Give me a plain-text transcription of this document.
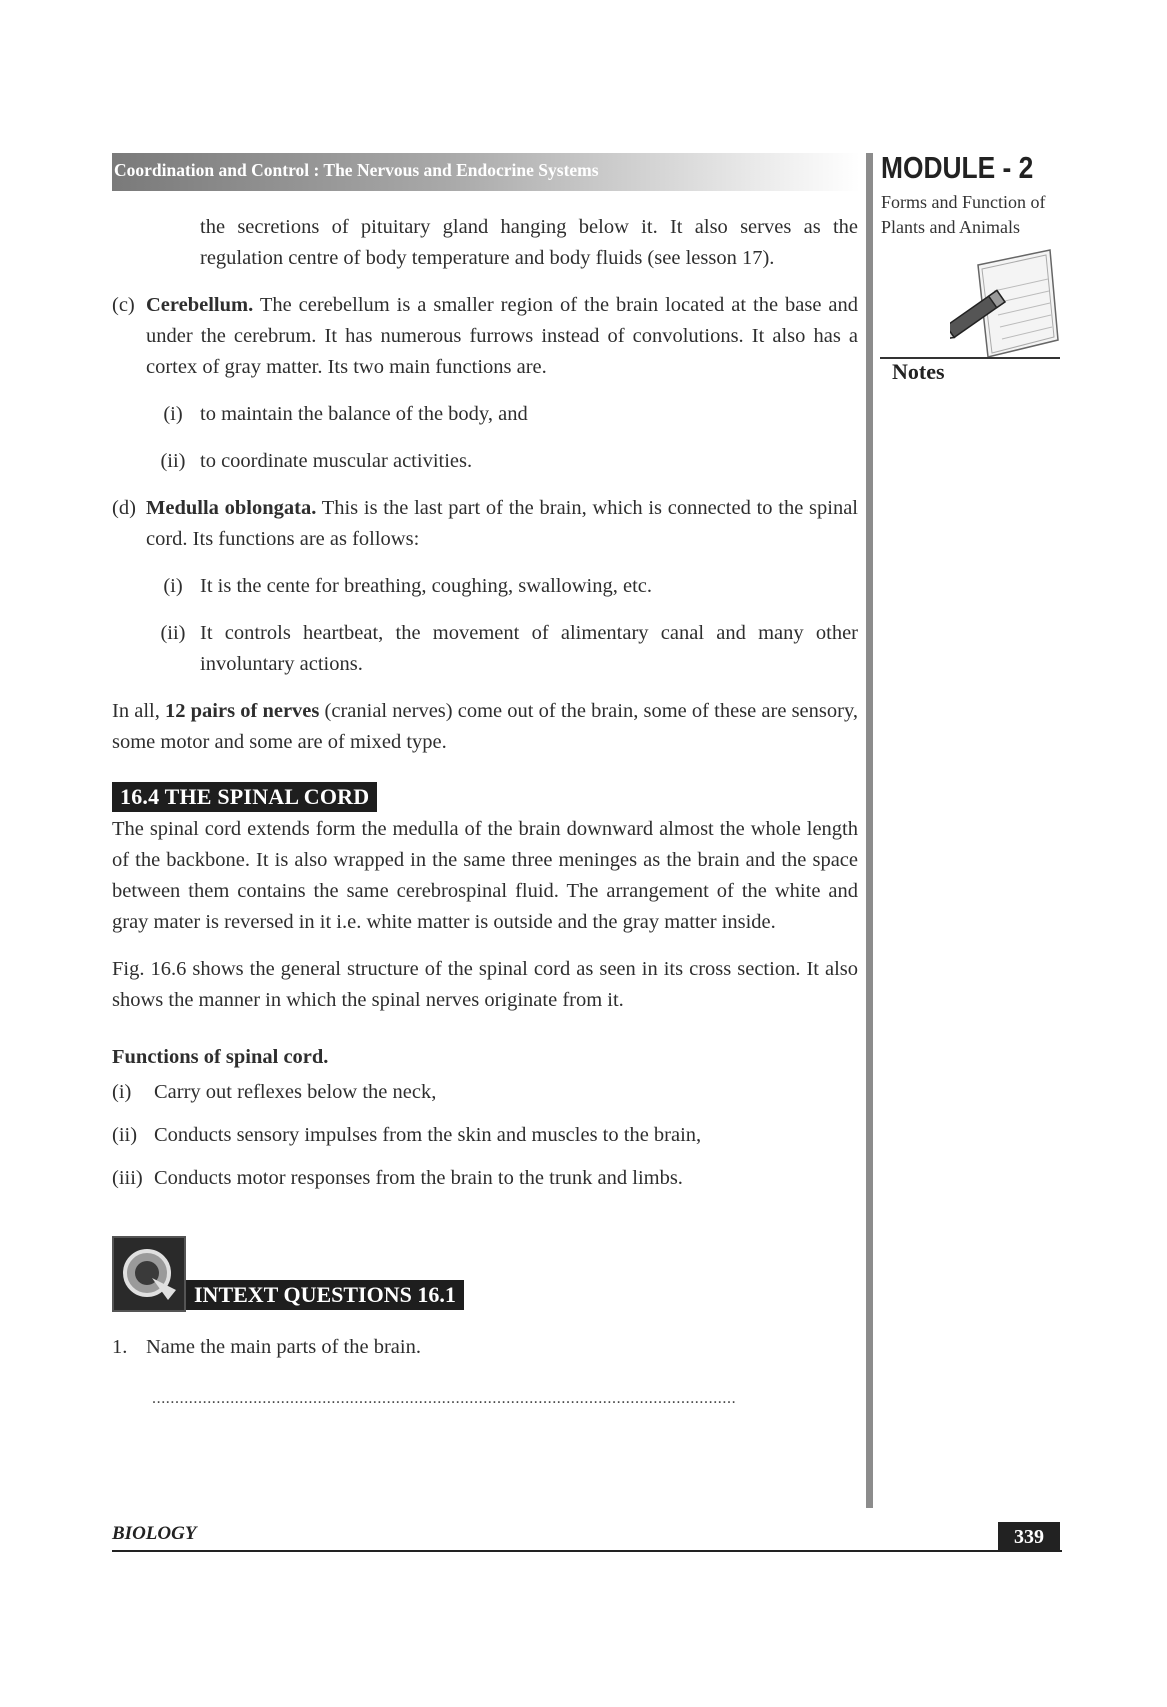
Coordination and Control : The Nervous and Endocrine Systems	MODULE - 2
Forms and Function of Plants and Animals
Notes

the secretions of pituitary gland hanging below it. It also serves as the regulation centre of body temperature and body fluids (see lesson 17).

(c) Cerebellum. The cerebellum is a smaller region of the brain located at the base and under the cerebrum. It has numerous furrows instead of convolutions. It also has a cortex of gray matter. Its two main functions are.
(i) to maintain the balance of the body, and
(ii) to coordinate muscular activities.
(d) Medulla oblongata. This is the last part of the brain, which is connected to the spinal cord. Its functions are as follows:
(i) It is the cente for breathing, coughing, swallowing, etc.
(ii) It controls heartbeat, the movement of alimentary canal and many other involuntary actions.

In all, 12 pairs of nerves (cranial nerves) come out of the brain, some of these are sensory, some motor and some are of mixed type.

16.4 THE SPINAL CORD

The spinal cord extends form the medulla of the brain downward almost the whole length of the backbone. It is also wrapped in the same three meninges as the brain and the space between them contains the same cerebrospinal fluid. The arrangement of the white and gray mater is reversed in it i.e. white matter is outside and the gray matter inside.

Fig. 16.6 shows the general structure of the spinal cord as seen in its cross section. It also shows the manner in which the spinal nerves originate from it.

Functions of spinal cord.

(i)	Carry out reflexes below the neck,
(ii) Conducts sensory impulses from the skin and muscles to the brain,
(iii) Conducts motor responses from the brain to the trunk and limbs.
INTEXT QUESTIONS 16.1
1. Name the main parts of the brain.
...............................................................................................................................
BIOLOGY	339
